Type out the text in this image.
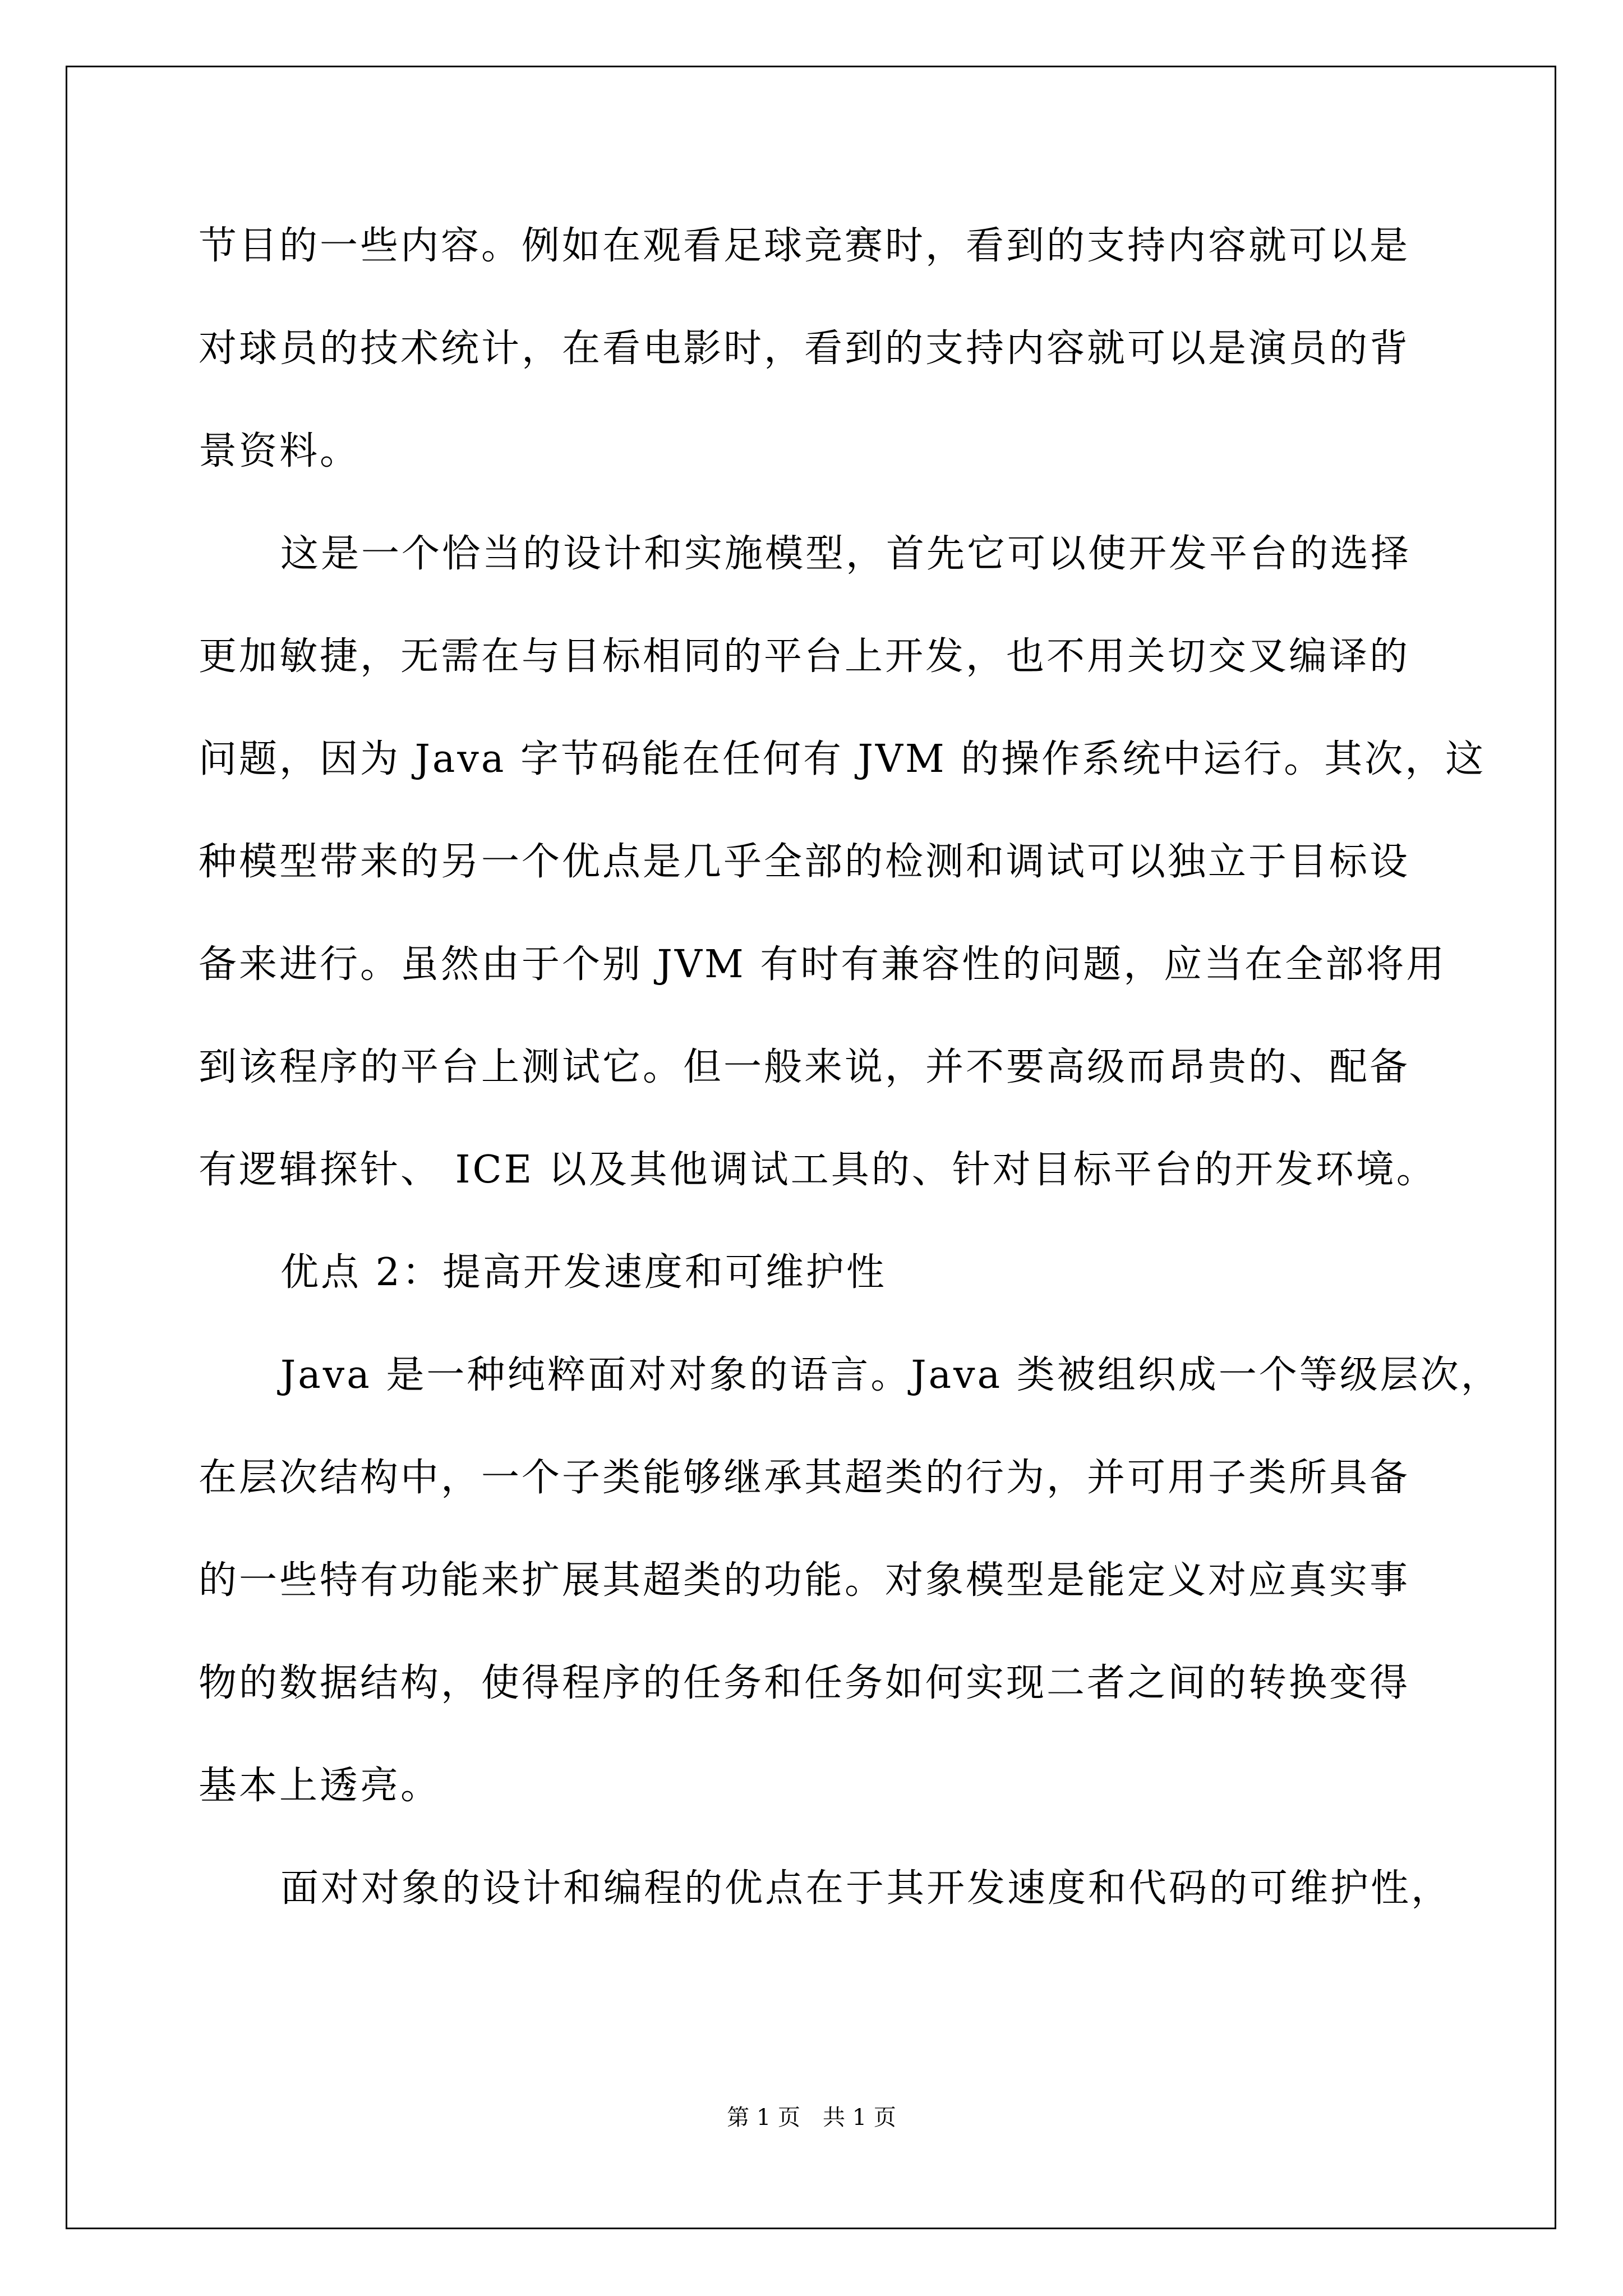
节目的一些内容。例如在观看足球竞赛时，看到的支持内容就可以是
对球员的技术统计，在看电影时，看到的支持内容就可以是演员的背
景资料。
这是一个恰当的设计和实施模型，首先它可以使开发平台的选择
更加敏捷，无需在与目标相同的平台上开发，也不用关切交叉编译的
问题，因为 Java 字节码能在任何有 JVM 的操作系统中运行。其次，这
种模型带来的另一个优点是几乎全部的检测和调试可以独立于目标设
备来进行。虽然由于个别 JVM 有时有兼容性的问题，应当在全部将用
到该程序的平台上测试它。但一般来说，并不要高级而昂贵的、配备
有逻辑探针、 ICE 以及其他调试工具的、针对目标平台的开发环境。
优点 2：提高开发速度和可维护性
Java 是一种纯粹面对对象的语言。Java 类被组织成一个等级层次，
在层次结构中，一个子类能够继承其超类的行为，并可用子类所具备
的一些特有功能来扩展其超类的功能。对象模型是能定义对应真实事
物的数据结构，使得程序的任务和任务如何实现二者之间的转换变得
基本上透亮。
面对对象的设计和编程的优点在于其开发速度和代码的可维护性，
第 1 页　共 1 页
